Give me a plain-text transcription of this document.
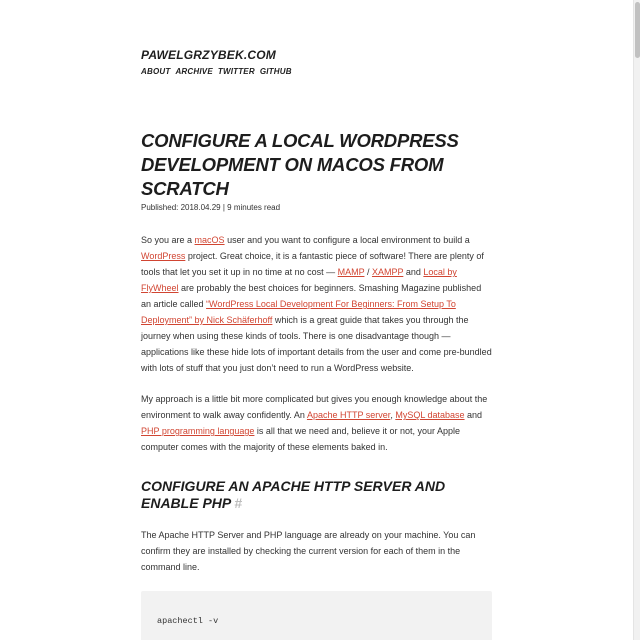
PAWELGRZYBEK.COM
ABOUT ARCHIVE TWITTER GITHUB
CONFIGURE A LOCAL WORDPRESS DEVELOPMENT ON MACOS FROM SCRATCH
Published: 2018.04.29 | 9 minutes read

So you are a macOS user and you want to configure a local environment to build a WordPress project. Great choice, it is a fantastic piece of software! There are plenty of tools that let you set it up in no time at no cost — MAMP / XAMPP and Local by FlyWheel are probably the best choices for beginners. Smashing Magazine published an article called “WordPress Local Development For Beginners: From Setup To Deployment” by Nick Schäferhoff which is a great guide that takes you through the journey when using these kinds of tools. There is one disadvantage though — applications like these hide lots of important details from the user and come pre-bundled with lots of stuff that you just don’t need to run a WordPress website.

My approach is a little bit more complicated but gives you enough knowledge about the environment to walk away confidently. An Apache HTTP server, MySQL database and PHP programming language is all that we need and, believe it or not, your Apple computer comes with the majority of these elements baked in.

CONFIGURE AN APACHE HTTP SERVER AND ENABLE PHP #

The Apache HTTP Server and PHP language are already on your machine. You can confirm they are installed by checking the current version for each of them in the command line.

apachectl -v
